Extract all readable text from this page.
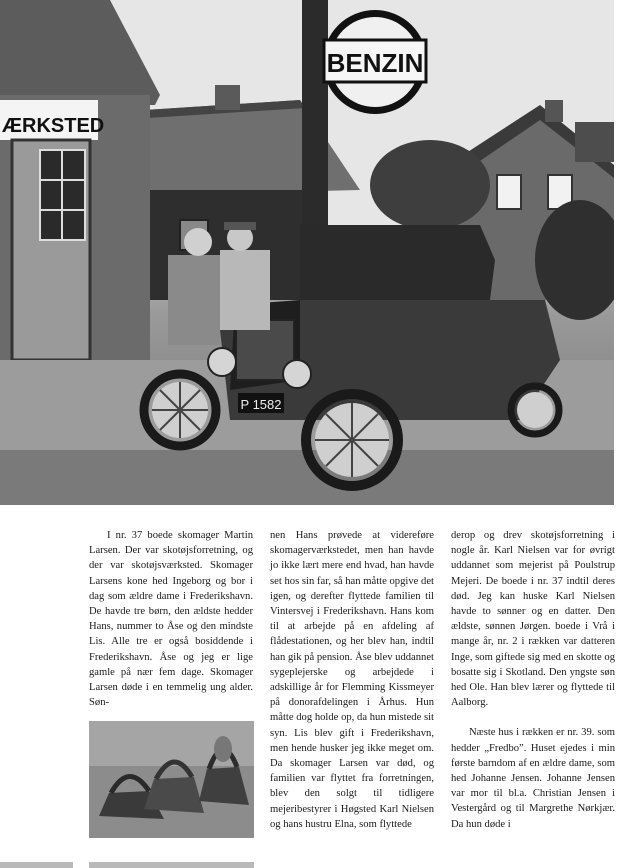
ÆRKSTED
BENZIN
P 1582

I nr. 37 boede skomager Martin Larsen. Der var skotøjsforretning, og der var skotøjsværksted. Skomager Larsens kone hed Ingeborg og bor i dag som ældre dame i Frederikshavn. De havde tre børn, den ældste hedder Hans, nummer to Åse og den mindste Lis. Alle tre er også bosiddende i Frederikshavn. Åse og jeg er lige gamle på nær fem dage. Skomager Larsen døde i en temmelig ung alder. Søn-

nen Hans prøvede at videreføre skomagerværkstedet, men han havde jo ikke lært mere end hvad, han havde set hos sin far, så han måtte opgive det igen, og derefter flyttede familien til Vintersvej i Frederikshavn. Hans kom til at arbejde på en afdeling af flådestationen, og her blev han, indtil han gik på pension. Åse blev uddannet sygeplejerske og arbejdede i adskillige år for Flemming Kissmeyer på donorafdelingen i Århus. Hun måtte dog holde op, da hun mistede sit syn. Lis blev gift i Frederikshavn, men hende husker jeg ikke meget om. Da skomager Larsen var død, og familien var flyttet fra forretningen, blev den solgt til tidligere mejeribestyrer i Høgsted Karl Nielsen og hans hustru Elna, som flyttede

derop og drev skotøjsforretning i nogle år. Karl Nielsen var for øvrigt uddannet som mejerist på Poulstrup Mejeri. De boede i nr. 37 indtil deres død. Jeg kan huske Karl Nielsen havde to sønner og en datter. Den ældste, sønnen Jørgen. boede i Vrå i mange år, nr. 2 i rækken var datteren Inge, som giftede sig med en skotte og bosatte sig i Skotland. Den yngste søn hed Ole. Han blev lærer og flyttede til Aalborg.

Næste hus i rækken er nr. 39. som hedder „Fredbo”. Huset ejedes i min første barndom af en ældre dame, som hed Johanne Jensen. Johanne Jensen var mor til bl.a. Christian Jensen i Vestergård og til Margrethe Nørkjær. Da hun døde i
